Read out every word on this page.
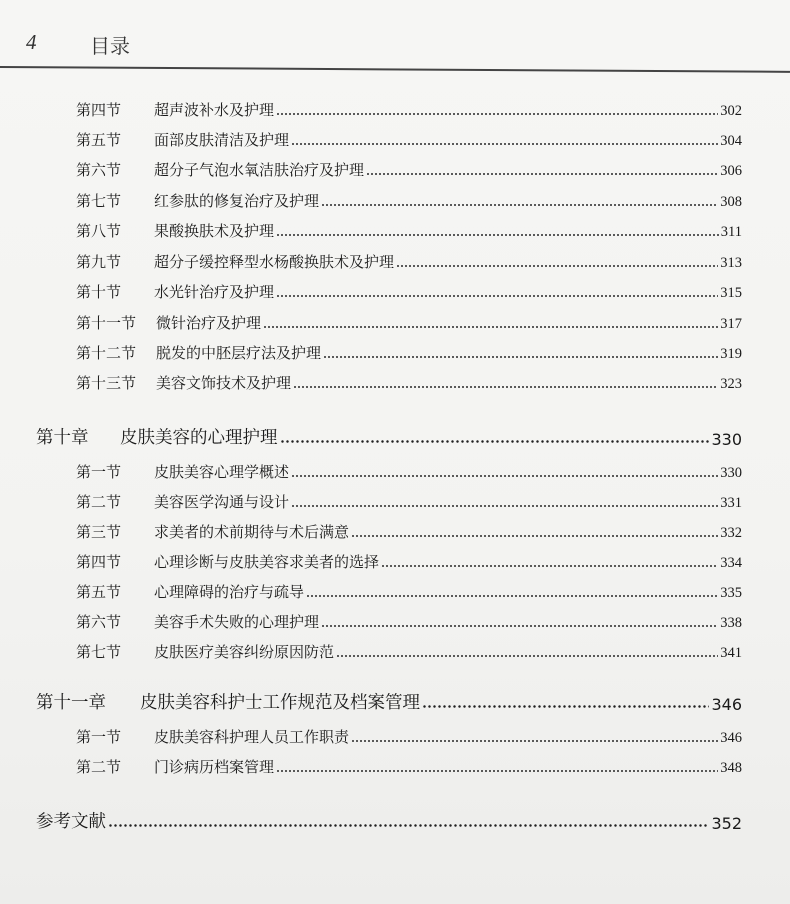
4	目录
第四节	超声波补水及护理	302
第五节	面部皮肤清洁及护理	304
第六节	超分子气泡水氧洁肤治疗及护理	306
第七节	红参肽的修复治疗及护理	308
第八节	果酸换肤术及护理	311
第九节	超分子缓控释型水杨酸换肤术及护理	313
第十节	水光针治疗及护理	315
第十一节	微针治疗及护理	317
第十二节	脱发的中胚层疗法及护理	319
第十三节	美容文饰技术及护理	323
第十章	皮肤美容的心理护理	330
第一节	皮肤美容心理学概述	330
第二节	美容医学沟通与设计	331
第三节	求美者的术前期待与术后满意	332
第四节	心理诊断与皮肤美容求美者的选择	334
第五节	心理障碍的治疗与疏导	335
第六节	美容手术失败的心理护理	338
第七节	皮肤医疗美容纠纷原因防范	341
第十一章	皮肤美容科护士工作规范及档案管理	346
第一节	皮肤美容科护理人员工作职责	346
第二节	门诊病历档案管理	348
参考文献	352
